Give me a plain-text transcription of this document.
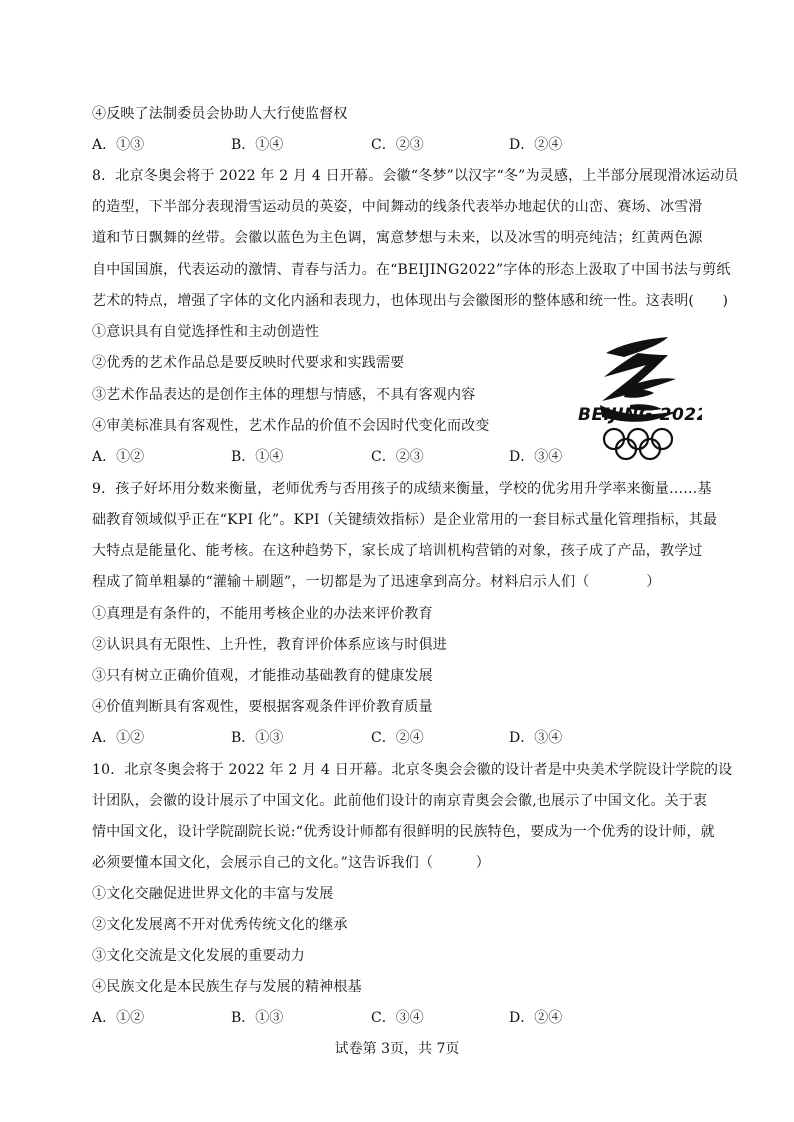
④反映了法制委员会协助人大行使监督权
A．①③	B．①④	C．②③	D．②④
8．北京冬奥会将于 2022 年 2 月 4 日开幕。会徽“冬梦”以汉字“冬”为灵感，上半部分展现滑冰运动员
的造型，下半部分表现滑雪运动员的英姿，中间舞动的线条代表举办地起伏的山峦、赛场、冰雪滑
道和节日飘舞的丝带。会徽以蓝色为主色调，寓意梦想与未来，以及冰雪的明亮纯洁；红黄两色源
自中国国旗，代表运动的激情、青春与活力。在“BEIJING2022”字体的形态上汲取了中国书法与剪纸
艺术的特点，增强了字体的文化内涵和表现力，也体现出与会徽图形的整体感和统一性。这表明(　　)
①意识具有自觉选择性和主动创造性
②优秀的艺术作品总是要反映时代要求和实践需要
③艺术作品表达的是创作主体的理想与情感，不具有客观内容
④审美标准具有客观性，艺术作品的价值不会因时代变化而改变
A．①②	B．①④	C．②③	D．③④
BEIJING 2022
9．孩子好坏用分数来衡量，老师优秀与否用孩子的成绩来衡量，学校的优劣用升学率来衡量……基
础教育领域似乎正在“KPI 化”。KPI（关键绩效指标）是企业常用的一套目标式量化管理指标，其最
大特点是能量化、能考核。在这种趋势下，家长成了培训机构营销的对象，孩子成了产品，教学过
程成了简单粗暴的“灌输＋刷题”，一切都是为了迅速拿到高分。材料启示人们（　　　　）
①真理是有条件的，不能用考核企业的办法来评价教育
②认识具有无限性、上升性，教育评价体系应该与时俱进
③只有树立正确价值观，才能推动基础教育的健康发展
④价值判断具有客观性，要根据客观条件评价教育质量
A．①②	B．①③	C．②④	D．③④
10．北京冬奥会将于 2022 年 2 月 4 日开幕。北京冬奥会会徽的设计者是中央美术学院设计学院的设
计团队，会徽的设计展示了中国文化。此前他们设计的南京青奥会会徽,也展示了中国文化。关于衷
情中国文化，设计学院副院长说:“优秀设计师都有很鲜明的民族特色，要成为一个优秀的设计师，就
必须要懂本国文化，会展示自己的文化。”这告诉我们（　　　）
①文化交融促进世界文化的丰富与发展
②文化发展离不开对优秀传统文化的继承
③文化交流是文化发展的重要动力
④民族文化是本民族生存与发展的精神根基
A．①②	B．①③	C．③④	D．②④
试卷第 3页，共 7页
